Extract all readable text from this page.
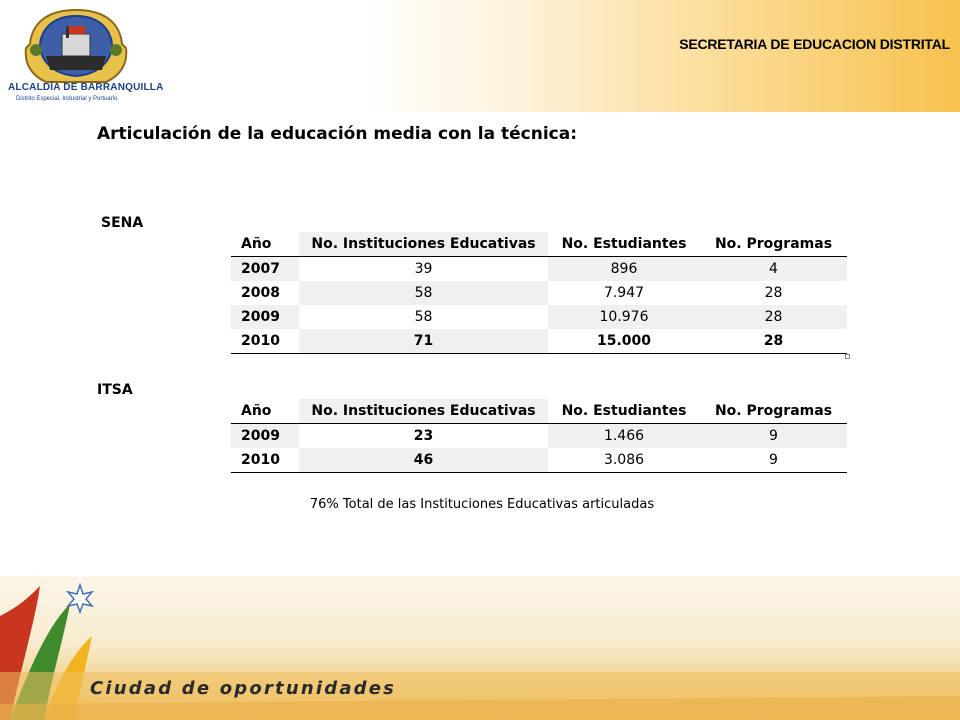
ALCALDÍA DE BARRANQUILLA
Distrito Especial, Industrial y Portuario
SECRETARIA DE EDUCACION DISTRITAL
Articulación de la educación media con la técnica:
SENA
Año	No. Instituciones Educativas	No. Estudiantes	No. Programas
2007	39	896	4
2008	58	7.947	28
2009	58	10.976	28
2010	71	15.000	28
ITSA
Año	No. Instituciones Educativas	No. Estudiantes	No. Programas
2009	23	1.466	9
2010	46	3.086	9
76% Total de las Instituciones Educativas articuladas
Ciudad de oportunidades
